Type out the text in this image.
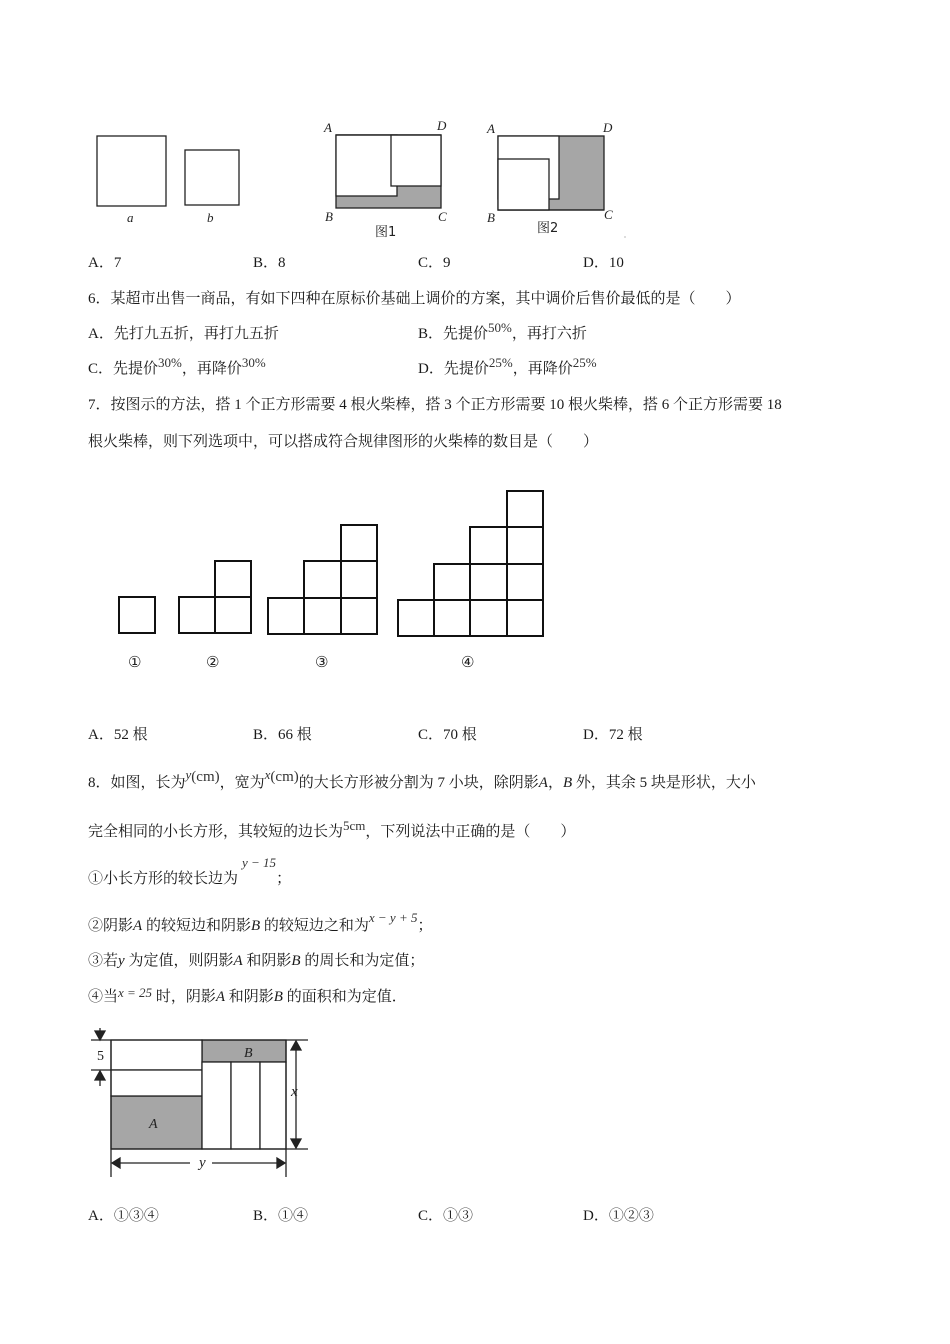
a	b
A	D
B	C
图1
A	D
B	C
图2
A．7	B．8	C．9	D．10
6．某超市出售一商品，有如下四种在原标价基础上调价的方案，其中调价后售价最低的是（　　）
A．先打九五折，再打九五折	B．先提价50%，再打六折
C．先提价30%，再降价30%	D．先提价25%，再降价25%
7．按图示的方法，搭 1 个正方形需要 4 根火柴棒，搭 3 个正方形需要 10 根火柴棒，搭 6 个正方形需要 18
根火柴棒，则下列选项中，可以搭成符合规律图形的火柴棒的数目是（　　）
①	②	③	④
A．52 根	B．66 根	C．70 根	D．72 根
8．如图，长为y(cm)，宽为x(cm)的大长方形被分割为 7 小块，除阴影A，B 外，其余 5 块是形状，大小
完全相同的小长方形，其较短的边长为5cm，下列说法中正确的是（　　）
①小长方形的较长边为y − 15；
②阴影A 的较短边和阴影B 的较短边之和为x − y + 5；
③若y 为定值，则阴影A 和阴影B 的周长和为定值；
④当x = 25 时，阴影A 和阴影B 的面积和为定值．
5
A
B
x
y
A．①③④	B．①④	C．①③	D．①②③
